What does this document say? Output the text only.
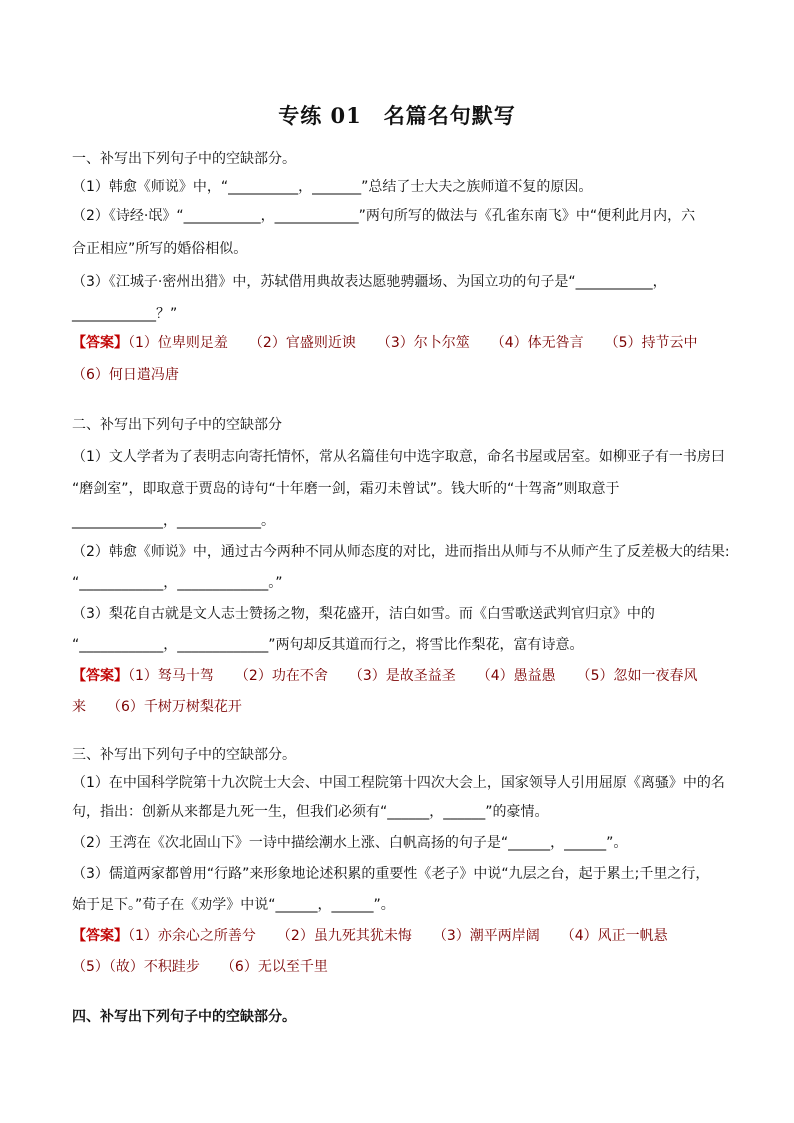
专练 01　名篇名句默写
一、补写出下列句子中的空缺部分。
（1）韩愈《师说》中，“__________，_______”总结了士大夫之族师道不复的原因。
（2）《诗经·氓》“___________，____________”两句所写的做法与《孔雀东南飞》中“便利此月内，六
合正相应”所写的婚俗相似。
（3）《江城子·密州出猎》中，苏轼借用典故表达愿驰骋疆场、为国立功的句子是“___________，
____________？”
【答案】（1）位卑则足羞　　（2）官盛则近谀　　（3）尔卜尔筮　　（4）体无咎言　　（5）持节云中
（6）何日遣冯唐
二、补写出下列句子中的空缺部分
（1）文人学者为了表明志向寄托情怀，常从名篇佳句中选字取意，命名书屋或居室。如柳亚子有一书房曰
“磨剑室”，即取意于贾岛的诗句“十年磨一剑，霜刃未曾试”。钱大昕的“十驾斋”则取意于
_____________，____________。
（2）韩愈《师说》中，通过古今两种不同从师态度的对比，进而指出从师与不从师产生了反差极大的结果:
“____________，_____________。”
（3）梨花自古就是文人志士赞扬之物，梨花盛开，洁白如雪。而《白雪歌送武判官归京》中的
“____________，_____________”两句却反其道而行之，将雪比作梨花，富有诗意。
【答案】（1）驽马十驾　　（2）功在不舍　　（3）是故圣益圣　　（4）愚益愚　　（5）忽如一夜春风
来　　（6）千树万树梨花开
三、补写出下列句子中的空缺部分。
（1）在中国科学院第十九次院士大会、中国工程院第十四次大会上，国家领导人引用屈原《离骚》中的名
句，指出：创新从来都是九死一生，但我们必须有“______，______”的豪情。
（2）王湾在《次北固山下》一诗中描绘潮水上涨、白帆高扬的句子是“______，______”。
（3）儒道两家都曾用“行路”来形象地论述积累的重要性《老子》中说“九层之台，起于累土;千里之行，
始于足下。”荀子在《劝学》中说“______，______”。
【答案】（1）亦余心之所善兮　　（2）虽九死其犹未悔　　（3）潮平两岸阔　　（4）风正一帆悬
（5）（故）不积跬步　　（6）无以至千里
四、补写出下列句子中的空缺部分。
